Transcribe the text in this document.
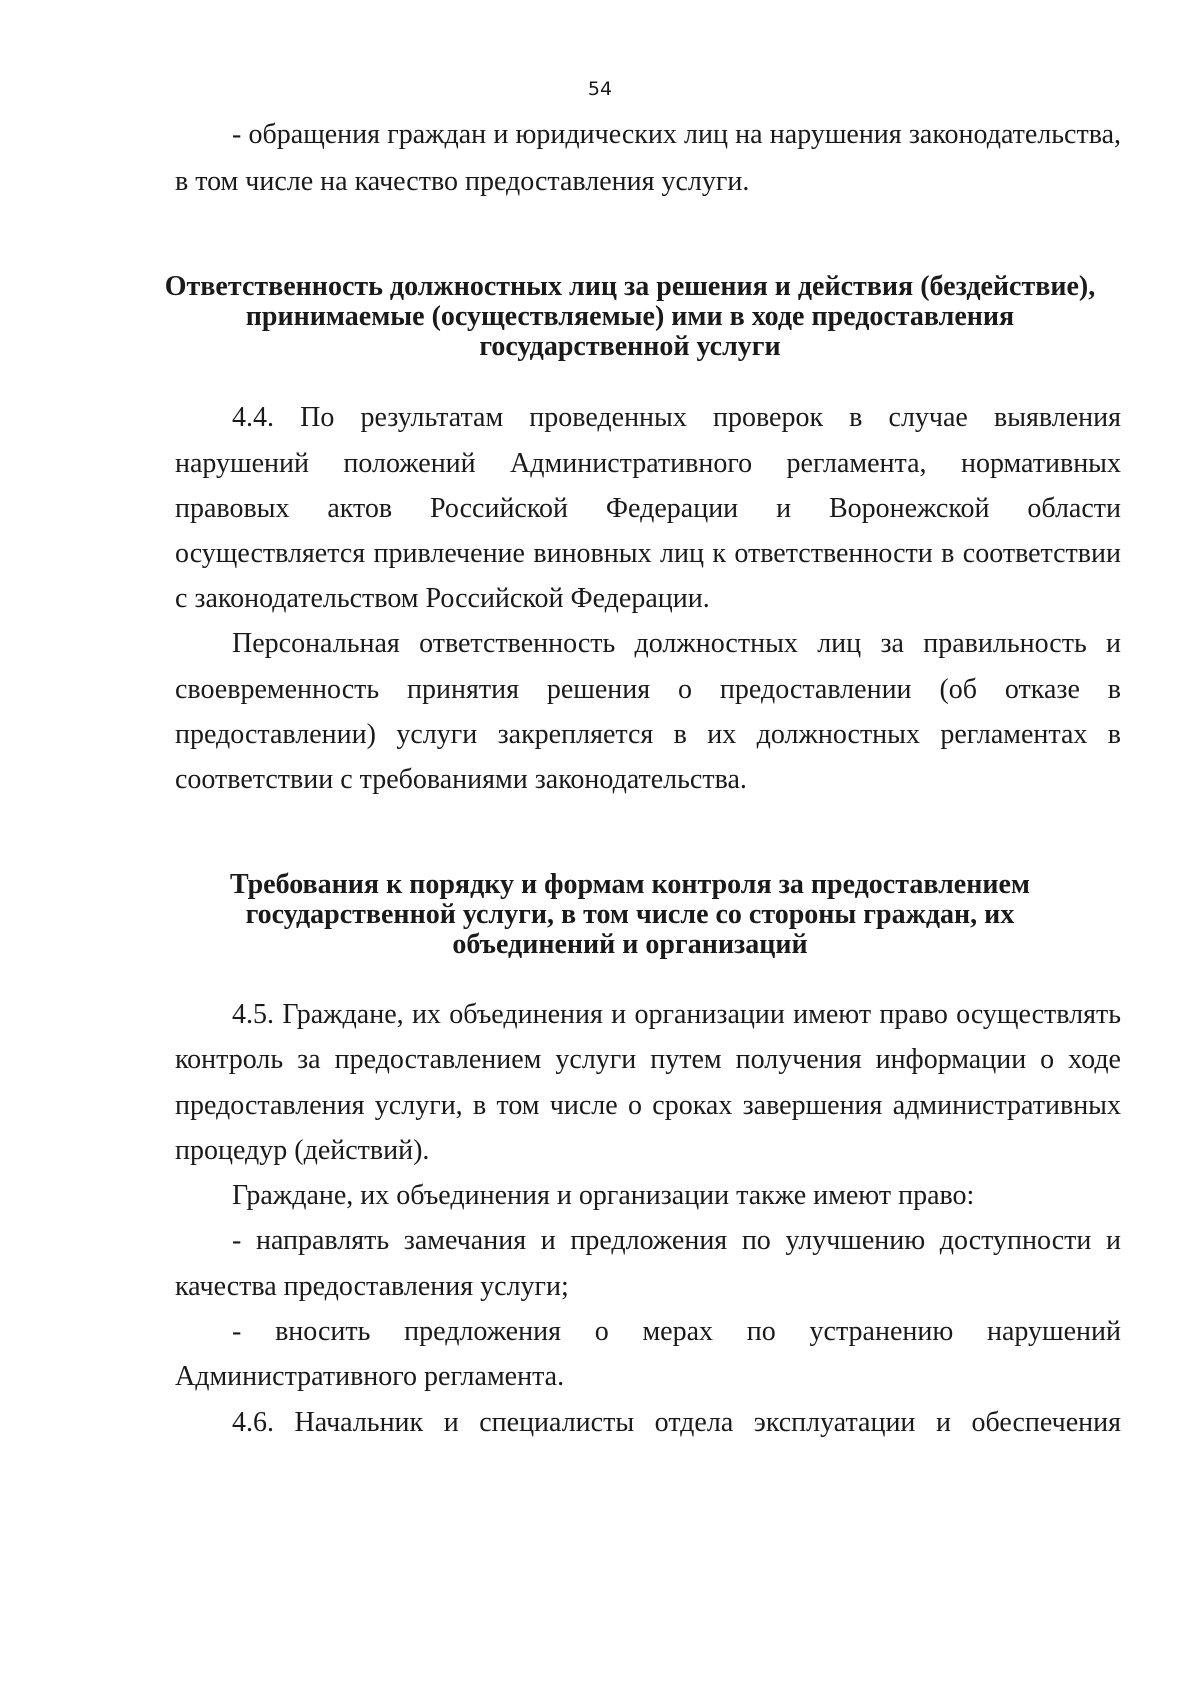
54
- обращения граждан и юридических лиц на нарушения законодательства,
в том числе на качество предоставления услуги.
Ответственность должностных лиц за решения и действия (бездействие),
принимаемые (осуществляемые) ими в ходе предоставления
государственной услуги
4.4. По результатам проведенных проверок в случае выявления
нарушений положений Административного регламента, нормативных
правовых актов Российской Федерации и Воронежской области
осуществляется привлечение виновных лиц к ответственности в соответствии
с законодательством Российской Федерации.
Персональная ответственность должностных лиц за правильность и
своевременность принятия решения о предоставлении (об отказе в
предоставлении) услуги закрепляется в их должностных регламентах в
соответствии с требованиями законодательства.
Требования к порядку и формам контроля за предоставлением
государственной услуги, в том числе со стороны граждан, их
объединений и организаций
4.5. Граждане, их объединения и организации имеют право осуществлять
контроль за предоставлением услуги путем получения информации о ходе
предоставления услуги, в том числе о сроках завершения административных
процедур (действий).
Граждане, их объединения и организации также имеют право:
- направлять замечания и предложения по улучшению доступности и
качества предоставления услуги;
- вносить предложения о мерах по устранению нарушений
Административного регламента.
4.6. Начальник и специалисты отдела эксплуатации и обеспечения
